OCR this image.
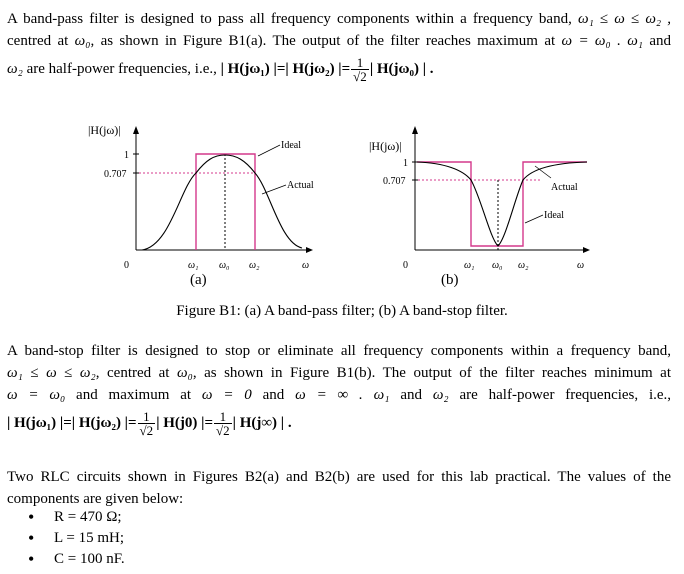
A band-pass filter is designed to pass all frequency components within a frequency band, ω₁ ≤ ω ≤ ω₂ ,

centred at ω₀, as shown in Figure B1(a). The output of the filter reaches maximum at ω = ω₀ . ω₁ and

ω₂ are half-power frequencies, i.e., | H(jω₁) |=| H(jω₂) |= $\frac{1}{√2}$ | H(jω₀) | .

|H(jω)|
1
0.707
0	ω₁ ω₀ ω₂	ω
Ideal
Actual
|H(jω)|
1
0.707
0	ω₁ ω₀ ω₂	ω
Actual
Ideal
(a)	(b)
Figure B1: (a) A band-pass filter; (b) A band-stop filter.

A band-stop filter is designed to stop or eliminate all frequency components within a frequency band,

ω₁ ≤ ω ≤ ω₂, centred at ω₀, as shown in Figure B1(b). The output of the filter reaches minimum at

ω = ω₀ and maximum at ω = 0 and ω = ∞ . ω₁ and ω₂ are half-power frequencies, i.e.,

| H(jω₁) |=| H(jω₂) |= $\frac{1}{√2}$ | H(j0) |= $\frac{1}{√2}$ | H(j∞) | .

Two RLC circuits shown in Figures B2(a) and B2(b) are used for this lab practical. The values of the components are given below:

• R = 470 Ω;
• L = 15 mH;
• C = 100 nF.
